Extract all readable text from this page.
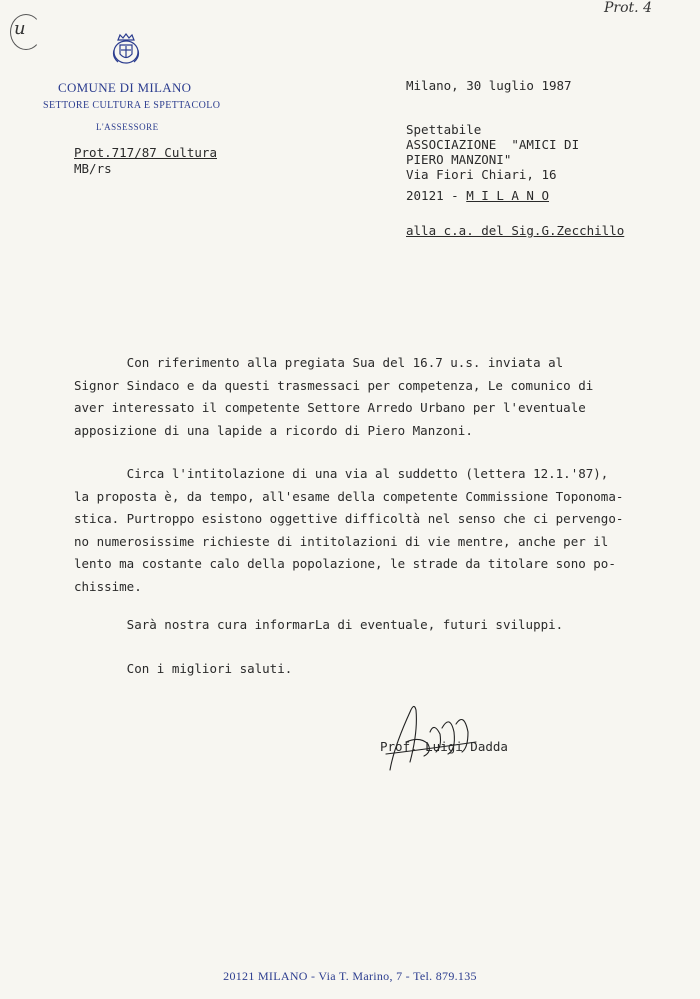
u
Prot. 4
COMUNE DI MILANO
SETTORE CULTURA E SPETTACOLO
L'ASSESSORE
Prot.717/87 Cultura
MB/rs
Milano, 30 luglio 1987
Spettabile
ASSOCIAZIONE  "AMICI DI
PIERO MANZONI"
Via Fiori Chiari, 16
20121 - M I L A N O
alla c.a. del Sig.G.Zecchillo

Con riferimento alla pregiata Sua del 16.7 u.s. inviata al

Signor Sindaco e da questi trasmessaci per competenza, Le comunico di

aver interessato il competente Settore Arredo Urbano per l'eventuale

apposizione di una lapide a ricordo di Piero Manzoni.

Circa l'intitolazione di una via al suddetto (lettera 12.1.'87),

la proposta è, da tempo, all'esame della competente Commissione Toponoma-

stica. Purtroppo esistono oggettive difficoltà nel senso che ci pervengo-

no numerosissime richieste di intitolazioni di vie mentre, anche per il

lento ma costante calo della popolazione, le strade da titolare sono po-

chissime.

Sarà nostra cura informarLa di eventuale, futuri sviluppi.

Con i migliori saluti.

Prof. Luigi Dadda
20121 MILANO - Via T. Marino, 7 - Tel. 879.135
